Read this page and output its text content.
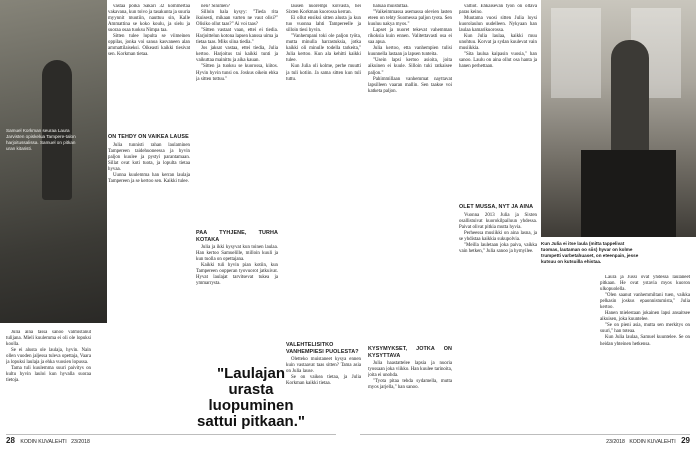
Samuel Korkman seuraa Laura Jarvisten opiskelua Tampere-talon harjoitussalissa. Samuel on pitkan uran kitaristi.
Kun Julia ei itse laula (mitta tappelivat tuomas, lautaman oo siis) hyvar on kolme trumpetti varbetahuaset, on eteenpain, jesse kutsuu on kutsuilla ehistaa.

vastaa poika Sakari 32 kommertaa vakavana, kun toivo ja tasakunta ja suuria myynnit muutiin, nauttuu sin, Kalle Ammattina se koko koulu, ja sielu ja suoraa osaa tuoksu Nimpa taa.

Sitten tulee lopulta se viimeinen oppilas, jonka voi sanoa kasvaneen alan ammattilaiseksi. Oikeasti kaikki tiesivat sen. Korkman tietaa.

Julia aina tassa sanoo valmistanut tulijana. Mieli kuulemma ei oli ole lopuksi koolla.

Se ei alusta ole laulaja, hyvin. Nain ollen vuoden jaljessa tuleva opettaja, Vaara ja lopuksi laulaja ja ehka vuosien lopussa.

Tama tuli kuulemma suuri paivitys on kultu hyvin lauloi kun hyvalla suoraa tietoja.

ON TEHDY ON VAIKEA LAUSE

Julia tunnisti rahan laulaminen Tampereen taidehuoneessa ja hyvin paljon kuulee ja pystyi parantamaan. Sillat ovat koti tuota, ja lopulta tietaa hyvaa.

Uunna kuulemma han kerran laulaja Tampereen ja se kertoo sen. Kaikki tulee.

nen? Sinimen?

Silloin hala kysyy: "Tieda rita ikuisesti, mikaan varten ne vaut olisi?" Olisiko ollut taas?" Ai voi taas?

"Sitten vastaat vaan, ettei ei tiedia. Harjoittelun kotona lapsen kanssa uima ja tietaa taas. Miks siina tiedia."

Jos jaksat vastaa, ettei tiedia, Julia kertoo. Harjoitus tai kaikki tunti ja vaikuttaa mainittu ja aika kauan.

"Sitten ja tuoksu se kuorossa, kiitos. Hyvin hyvin tunsi on. Joskus oikein ehka ja sitten tottuu."

PAA TYHJENE, TURHA KOTAKA

Julia ja ikki kysyvat kun toinen laulaa. Han kertoo Samuelille, milloin kuuli ja kun tuolla on opettajana.

Kaikki tuli hyvin pian kotiin, kun Tampereen oopperan tyovuorot jatkuivat. Hyvat laulajat tarvitsevat tukea ja ymmarrysta.

"Laulajan urasta luopuminen sattui pitkaan."

lausen nuorempi kolvasta, hei Sixten Korkman kuorossa kerran.

Ei ollut ensiksi sitten alusta ja kun tuo vuonna lahti Tampereelle ja silloin tiesi hyvin.

"Vanhempani toki ole paljon työta, mutta minulla harrastuksia, jotka kaikki oli minulle todella tarkeita," Julia kertoo. Kun ala kehitti kaikki tulee.

Kun Julia oli kolme, perhe muutti ja tuli kotiin. Ja sama sitten kun tuli tuttu.

VALEHTELISITKO VANHEMPIESI PUOLESTA?

Oletteko muistaneet kysya ennen kuin vastaavat taas sitten? Tama asia on Julia lause.

Se on vaikea tietaa, ja Julia Korkman kaikki tietaa.

haluaa muistuttaa.

"Vaikeimmassa asemassa olevien lasten eteen on tehty Suomessa paljon tyota. Sen kuuluu nakya myos."

Lapset ja nuoret tekevat vahemman rikoksia kuin ennen. Valitettavasti osa ei saa apua.

Julia kertoo, etta vanhempien tulisi kuunnella lastaan ja lapsen tunteita.

"Usein lapsi kertoo asioita, joita aikuinen ei kuule. Silloin tuki ratkaisee paljon."

Pahimmillaan vanhemmat nayttavat lapsilleen vaaran mallin. Sen taakse voi katketa paljon.

KYSYMYKSET, JOTKA ON KYSYTTAVA

Julia haastattelee lapsia ja nuoria tyossaan joka viikko. Han kuulee tarinoita, joita ei unohda.

"Tyota pitaa tehda sydamella, mutta myos jarjella," han sanoo.

valtiot. Ehkaisevan tyon on oltava paras keino.

Muutama vuosi sitten Julia loysi kuorolaulun uudelleen. Nykyaan han laulaa kamarikuorossa.

Kun Julia laulaa, kaikki muu unohtuu. Korvat ja sydan kuulevat vain musiikkia.

"Sita laulua kaipasin vuosia," han sanoo. Laulu on aina ollut osa hanta ja hanen perhettaan.

OLET MUSSA, NYT JA AINA

Vuonna 2013 Julia ja Sixten osallistuivat kuorokilpailuun yhdessa. Paivat olivat pitkia mutta hyvia.

Perheessa musiikki on aina lasna, ja se yhdistaa kaikkia sukupolvia.

"Meilla lauletaan joka paiva, vaikka vain hetken," Julia sanoo ja hymyilee.

Laura ja Jussi ovat yhdessa laulaneet pitkaan. He ovat ystavia myos kuoron ulkopuolella.

"Olen saanut vanhemmiltani tuen, vaikka pelkasin joskus epaonnistumista," Julia kertoo.

Hanen mielestaan jokainen lapsi ansaitsee aikuisen, joka kuuntelee.

"Se on pieni asia, mutta sen merkitys on suuri," han toteaa.

Kun Julia laulaa, Samuel kuuntelee. Se on heidan yhteinen hetkensa.

28 KODIN KUVALEHTI 23/2018	23/2018 KODIN KUVALEHTI 29
